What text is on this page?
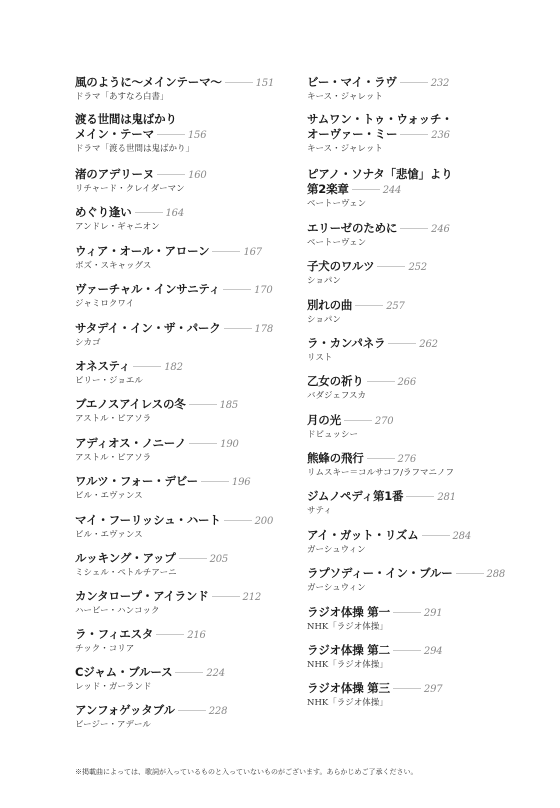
風のように〜メインテーマ〜	151
ドラマ「あすなろ白書」
渡る世間は鬼ばかり
メイン・テーマ	156
ドラマ「渡る世間は鬼ばかり」
渚のアデリーヌ	160
リチャード・クレイダーマン
めぐり逢い	164
アンドレ・ギャニオン
ウィア・オール・アローン	167
ボズ・スキャッグス
ヴァーチャル・インサニティ	170
ジャミロクワイ
サタデイ・イン・ザ・パーク	178
シカゴ
オネスティ	182
ビリー・ジョエル
ブエノスアイレスの冬	185
アストル・ピアソラ
アディオス・ノニーノ	190
アストル・ピアソラ
ワルツ・フォー・デビー	196
ビル・エヴァンス
マイ・フーリッシュ・ハート	200
ビル・エヴァンス
ルッキング・アップ	205
ミシェル・ペトルチアーニ
カンタロープ・アイランド	212
ハービー・ハンコック
ラ・フィエスタ	216
チック・コリア
Cジャム・ブルース	224
レッド・ガーランド
アンフォゲッタブル	228
ビージー・アデール
ビー・マイ・ラヴ	232
キース・ジャレット
サムワン・トゥ・ウォッチ・
オーヴァー・ミー	236
キース・ジャレット
ピアノ・ソナタ「悲愴」より
第2楽章	244
ベートーヴェン
エリーゼのために	246
ベートーヴェン
子犬のワルツ	252
ショパン
別れの曲	257
ショパン
ラ・カンパネラ	262
リスト
乙女の祈り	266
バダジェフスカ
月の光	270
ドビュッシー
熊蜂の飛行	276
リムスキー＝コルサコフ/ラフマニノフ
ジムノペディ第1番	281
サティ
アイ・ガット・リズム	284
ガーシュウィン
ラプソディー・イン・ブルー	288
ガーシュウィン
ラジオ体操 第一	291
NHK「ラジオ体操」
ラジオ体操 第二	294
NHK「ラジオ体操」
ラジオ体操 第三	297
NHK「ラジオ体操」
※掲載曲によっては、歌詞が入っているものと入っていないものがございます。あらかじめご了承ください。
